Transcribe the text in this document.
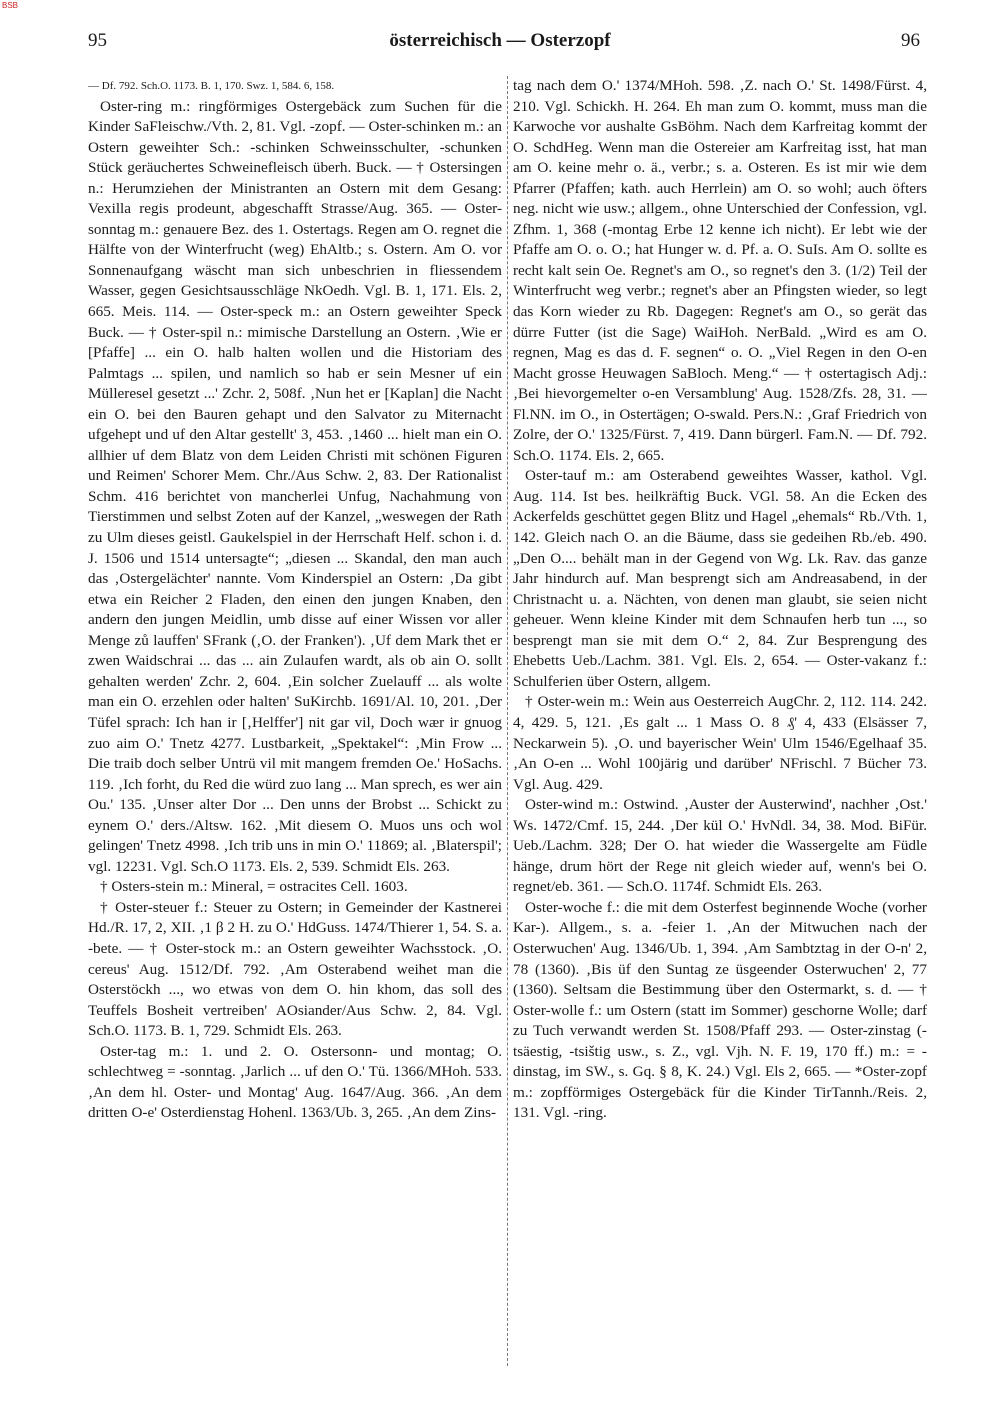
BSB
95	österreichisch — Osterzopf	96

— Df. 792. Sch.O. 1173. B. 1, 170. Swz. 1, 584. 6, 158.

Oster-ring m.: ringförmiges Ostergebäck zum Suchen für die Kinder SaFleischw./Vth. 2, 81. Vgl. -zopf. — Oster-schinken m.: an Ostern geweihter Sch.: -schinken Schweinsschulter, -schunken Stück geräuchertes Schweinefleisch überh. Buck. — † Ostersingen n.: Herumziehen der Ministranten an Ostern mit dem Gesang: Vexilla regis prodeunt, abgeschafft Strasse/Aug. 365. — Oster-sonntag m.: genauere Bez. des 1. Ostertags. Regen am O. regnet die Hälfte von der Winterfrucht (weg) EhAltb.; s. Ostern. Am O. vor Sonnenaufgang wäscht man sich unbeschrien in fliessendem Wasser, gegen Gesichtsausschläge NkOedh. Vgl. B. 1, 171. Els. 2, 665. Meis. 114. — Oster-speck m.: an Ostern geweihter Speck Buck. — † Oster-spil n.: mimische Darstellung an Ostern. ‚Wie er [Pfaffe] ... ein O. halb halten wollen und die Historiam des Palmtags ... spilen, und namlich so hab er sein Mesner uf ein Mülleresel gesetzt ...' Zchr. 2, 508f. ‚Nun het er [Kaplan] die Nacht ein O. bei den Bauren gehapt und den Salvator zu Miternacht ufgehept und uf den Altar gestellt' 3, 453. ‚1460 ... hielt man ein O. allhier uf dem Blatz von dem Leiden Christi mit schönen Figuren und Reimen' Schorer Mem. Chr./Aus Schw. 2, 83. Der Rationalist Schm. 416 berichtet von mancherlei Unfug, Nachahmung von Tierstimmen und selbst Zoten auf der Kanzel, „weswegen der Rath zu Ulm dieses geistl. Gaukelspiel in der Herrschaft Helf. schon i. d. J. 1506 und 1514 untersagte“; „diesen ... Skandal, den man auch das ‚Ostergelächter' nannte. Vom Kinderspiel an Ostern: ‚Da gibt etwa ein Reicher 2 Fladen, den einen den jungen Knaben, den andern den jungen Meidlin, umb disse auf einer Wissen vor aller Menge zů lauffen' SFrank (‚O. der Franken'). ‚Uf dem Mark thet er zwen Waidschrai ... das ... ain Zulaufen wardt, als ob ain O. sollt gehalten werden' Zchr. 2, 604. ‚Ein solcher Zuelauff ... als wolte man ein O. erzehlen oder halten' SuKirchb. 1691/Al. 10, 201. ‚Der Tüfel sprach: Ich han ir [‚Helffer'] nit gar vil, Doch wær ir gnuog zuo aim O.' Tnetz 4277. Lustbarkeit, „Spektakel“: ‚Min Frow ... Die traib doch selber Untrü vil mit mangem fremden Oe.' HoSachs. 119. ‚Ich forht, du Red die würd zuo lang ... Man sprech, es wer ain Ou.' 135. ‚Unser alter Dor ... Den unns der Brobst ... Schickt zu eynem O.' ders./Altsw. 162. ‚Mit diesem O. Muos uns och wol gelingen' Tnetz 4998. ‚Ich trib uns in min O.' 11869; al. ‚Blaterspil'; vgl. 12231. Vgl. Sch.O 1173. Els. 2, 539. Schmidt Els. 263.

† Osters-stein m.: Mineral, = ostracites Cell. 1603.

† Oster-steuer f.: Steuer zu Ostern; in Gemeinder der Kastnerei Hd./R. 17, 2, XII. ‚1 β 2 H. zu O.' HdGuss. 1474/Thierer 1, 54. S. a. -bete. — † Oster-stock m.: an Ostern geweihter Wachsstock. ‚O. cereus' Aug. 1512/Df. 792. ‚Am Osterabend weihet man die Osterstöckh ..., wo etwas von dem O. hin khom, das soll des Teuffels Bosheit vertreiben' AOsiander/Aus Schw. 2, 84. Vgl. Sch.O. 1173. B. 1, 729. Schmidt Els. 263.

Oster-tag m.: 1. und 2. O. Ostersonn- und montag; O. schlechtweg = -sonntag. ‚Jarlich ... uf den O.' Tü. 1366/MHoh. 533. ‚An dem hl. Oster- und Montag' Aug. 1647/Aug. 366. ‚An dem dritten O-e' Osterdienstag Hohenl. 1363/Ub. 3, 265. ‚An dem Zins-

tag nach dem O.' 1374/MHoh. 598. ‚Z. nach O.' St. 1498/Fürst. 4, 210. Vgl. Schickh. H. 264. Eh man zum O. kommt, muss man die Karwoche vor aushalte GsBöhm. Nach dem Karfreitag kommt der O. SchdHeg. Wenn man die Ostereier am Karfreitag isst, hat man am O. keine mehr o. ä., verbr.; s. a. Osteren. Es ist mir wie dem Pfarrer (Pfaffen; kath. auch Herrlein) am O. so wohl; auch öfters neg. nicht wie usw.; allgem., ohne Unterschied der Confession, vgl. Zfhm. 1, 368 (-montag Erbe 12 kenne ich nicht). Er lebt wie der Pfaffe am O. o. O.; hat Hunger w. d. Pf. a. O. SuIs. Am O. sollte es recht kalt sein Oe. Regnet's am O., so regnet's den 3. (1/2) Teil der Winterfrucht weg verbr.; regnet's aber an Pfingsten wieder, so legt das Korn wieder zu Rb. Dagegen: Regnet's am O., so gerät das dürre Futter (ist die Sage) WaiHoh. NerBald. „Wird es am O. regnen, Mag es das d. F. segnen“ o. O. „Viel Regen in den O-en Macht grosse Heuwagen SaBloch. Meng.“ — † ostertagisch Adj.: ‚Bei hievorgemelter o-en Versamblung' Aug. 1528/Zfs. 28, 31. — Fl.NN. im O., in Ostertägen; O-swald. Pers.N.: ‚Graf Friedrich von Zolre, der O.' 1325/Fürst. 7, 419. Dann bürgerl. Fam.N. — Df. 792. Sch.O. 1174. Els. 2, 665.

Oster-tauf m.: am Osterabend geweihtes Wasser, kathol. Vgl. Aug. 114. Ist bes. heilkräftig Buck. VGl. 58. An die Ecken des Ackerfelds geschüttet gegen Blitz und Hagel „ehemals“ Rb./Vth. 1, 142. Gleich nach O. an die Bäume, dass sie gedeihen Rb./eb. 490. „Den O.... behält man in der Gegend von Wg. Lk. Rav. das ganze Jahr hindurch auf. Man besprengt sich am Andreasabend, in der Christnacht u. a. Nächten, von denen man glaubt, sie seien nicht geheuer. Wenn kleine Kinder mit dem Schnaufen herb tun ..., so besprengt man sie mit dem O.“ 2, 84. Zur Besprengung des Ehebetts Ueb./Lachm. 381. Vgl. Els. 2, 654. — Oster-vakanz f.: Schulferien über Ostern, allgem.

† Oster-wein m.: Wein aus Oesterreich AugChr. 2, 112. 114. 242. 4, 429. 5, 121. ‚Es galt ... 1 Mass O. 8 ₰' 4, 433 (Elsässer 7, Neckarwein 5). ‚O. und bayerischer Wein' Ulm 1546/Egelhaaf 35. ‚An O-en ... Wohl 100järig und darüber' NFrischl. 7 Bücher 73. Vgl. Aug. 429.

Oster-wind m.: Ostwind. ‚Auster der Austerwind', nachher ‚Ost.' Ws. 1472/Cmf. 15, 244. ‚Der kül O.' HvNdl. 34, 38. Mod. BiFür. Ueb./Lachm. 328; Der O. hat wieder die Wassergelte am Füdle hänge, drum hört der Rege nit gleich wieder auf, wenn's bei O. regnet/eb. 361. — Sch.O. 1174f. Schmidt Els. 263.

Oster-woche f.: die mit dem Osterfest beginnende Woche (vorher Kar-). Allgem., s. a. -feier 1. ‚An der Mitwuchen nach der Osterwuchen' Aug. 1346/Ub. 1, 394. ‚Am Sambtztag in der O-n' 2, 78 (1360). ‚Bis üf den Suntag ze üsgeender Osterwuchen' 2, 77 (1360). Seltsam die Bestimmung über den Ostermarkt, s. d. — † Oster-wolle f.: um Ostern (statt im Sommer) geschorne Wolle; darf zu Tuch verwandt werden St. 1508/Pfaff 293. — Oster-zinstag (-tsäestig, -tsištig usw., s. Z., vgl. Vjh. N. F. 19, 170 ff.) m.: = -dinstag, im SW., s. Gq. § 8, K. 24.) Vgl. Els 2, 665. — *Oster-zopf m.: zopfförmiges Ostergebäck für die Kinder TirTannh./Reis. 2, 131. Vgl. -ring.
